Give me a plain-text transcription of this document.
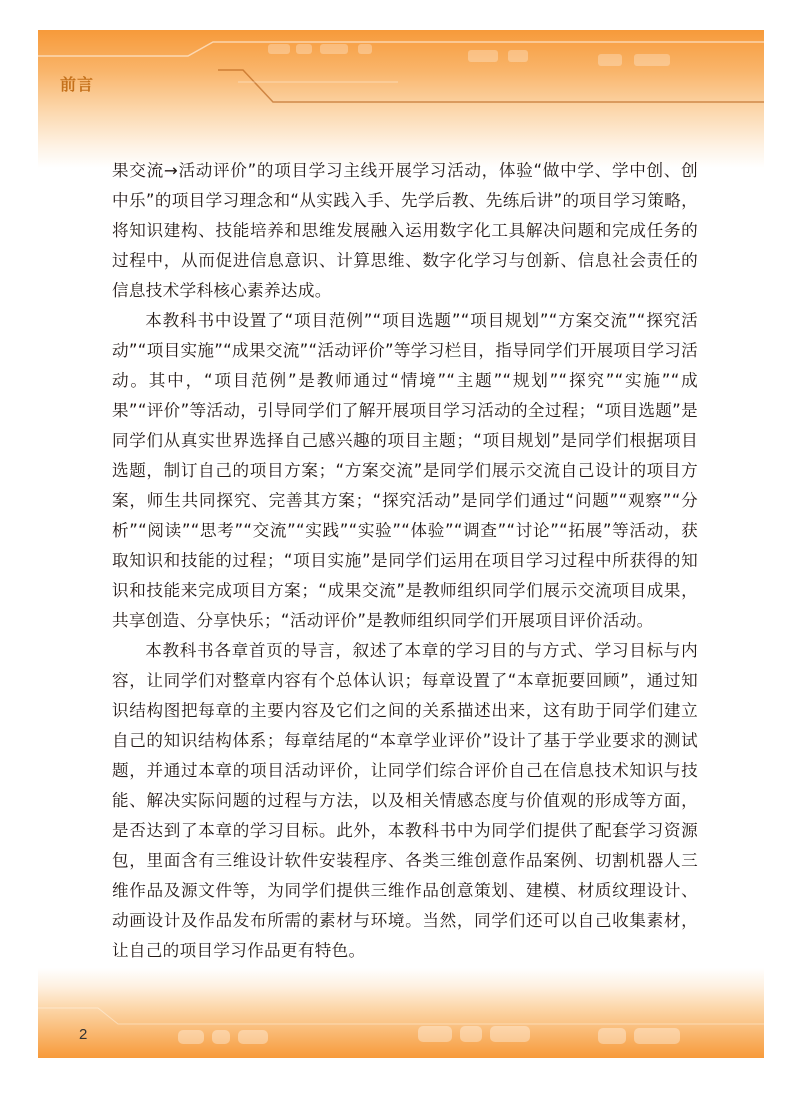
前言

果交流→活动评价”的项目学习主线开展学习活动，体验“做中学、学中创、创中乐”的项目学习理念和“从实践入手、先学后教、先练后讲”的项目学习策略，将知识建构、技能培养和思维发展融入运用数字化工具解决问题和完成任务的过程中，从而促进信息意识、计算思维、数字化学习与创新、信息社会责任的信息技术学科核心素养达成。

本教科书中设置了“项目范例”“项目选题”“项目规划”“方案交流”“探究活动”“项目实施”“成果交流”“活动评价”等学习栏目，指导同学们开展项目学习活动。其中，“项目范例”是教师通过“情境”“主题”“规划”“探究”“实施”“成果”“评价”等活动，引导同学们了解开展项目学习活动的全过程；“项目选题”是同学们从真实世界选择自己感兴趣的项目主题；“项目规划”是同学们根据项目选题，制订自己的项目方案；“方案交流”是同学们展示交流自己设计的项目方案，师生共同探究、完善其方案；“探究活动”是同学们通过“问题”“观察”“分析”“阅读”“思考”“交流”“实践”“实验”“体验”“调查”“讨论”“拓展”等活动，获取知识和技能的过程；“项目实施”是同学们运用在项目学习过程中所获得的知识和技能来完成项目方案；“成果交流”是教师组织同学们展示交流项目成果，共享创造、分享快乐；“活动评价”是教师组织同学们开展项目评价活动。

本教科书各章首页的导言，叙述了本章的学习目的与方式、学习目标与内容，让同学们对整章内容有个总体认识；每章设置了“本章扼要回顾”，通过知识结构图把每章的主要内容及它们之间的关系描述出来，这有助于同学们建立自己的知识结构体系；每章结尾的“本章学业评价”设计了基于学业要求的测试题，并通过本章的项目活动评价，让同学们综合评价自己在信息技术知识与技能、解决实际问题的过程与方法，以及相关情感态度与价值观的形成等方面，是否达到了本章的学习目标。此外，本教科书中为同学们提供了配套学习资源包，里面含有三维设计软件安装程序、各类三维创意作品案例、切割机器人三维作品及源文件等，为同学们提供三维作品创意策划、建模、材质纹理设计、动画设计及作品发布所需的素材与环境。当然，同学们还可以自己收集素材，让自己的项目学习作品更有特色。

2
